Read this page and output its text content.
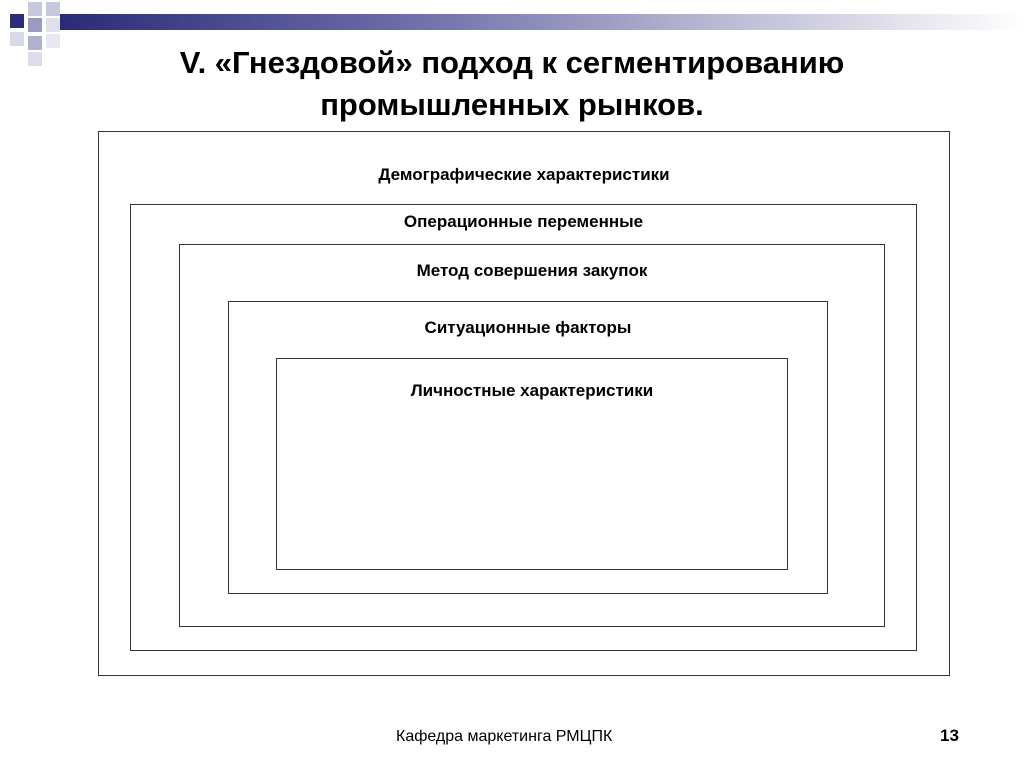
V. «Гнездовой» подход к сегментированию
промышленных рынков.
Демографические характеристики
Операционные переменные
Метод совершения закупок
Ситуационные факторы
Личностные характеристики
Кафедра маркетинга РМЦПК	13
